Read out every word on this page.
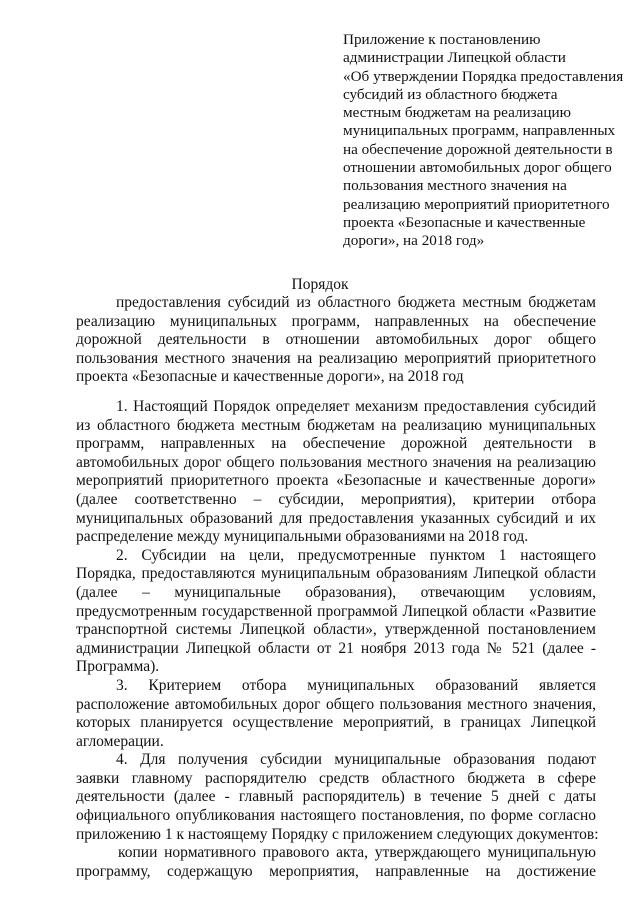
Приложение к постановлению
администрации Липецкой области
«Об утверждении Порядка предоставления
субсидий из областного бюджета
местным бюджетам на реализацию
муниципальных программ, направленных
на обеспечение дорожной деятельности в
отношении автомобильных дорог общего
пользования местного значения на
реализацию мероприятий приоритетного
проекта «Безопасные и качественные
дороги», на 2018 год»
Порядок
предоставления субсидий из областного бюджета местным бюджетам
реализацию муниципальных программ, направленных на обеспечение
дорожной деятельности в отношении автомобильных дорог общего
пользования местного значения на реализацию мероприятий приоритетного
проекта «Безопасные и качественные дороги», на 2018 год
1. Настоящий Порядок определяет механизм предоставления субсидий
из областного бюджета местным бюджетам на реализацию муниципальных
программ, направленных на обеспечение дорожной деятельности в
автомобильных дорог общего пользования местного значения на реализацию
мероприятий приоритетного проекта «Безопасные и качественные дороги»
(далее соответственно – субсидии, мероприятия), критерии отбора
муниципальных образований для предоставления указанных субсидий и их
распределение между муниципальными образованиями на 2018 год.
2. Субсидии на цели, предусмотренные пунктом 1 настоящего
Порядка, предоставляются муниципальным образованиям Липецкой области
(далее – муниципальные образования), отвечающим условиям,
предусмотренным государственной программой Липецкой области «Развитие
транспортной системы Липецкой области», утвержденной постановлением
администрации Липецкой области от 21 ноября 2013 года № 521 (далее -
Программа).
3. Критерием отбора муниципальных образований является
расположение автомобильных дорог общего пользования местного значения,
которых планируется осуществление мероприятий, в границах Липецкой
агломерации.
4. Для получения субсидии муниципальные образования подают
заявки главному распорядителю средств областного бюджета в сфере
деятельности (далее - главный распорядитель) в течение 5 дней с даты
официального опубликования настоящего постановления, по форме согласно
приложению 1 к настоящему Порядку с приложением следующих документов:
копии нормативного правового акта, утверждающего муниципальную
программу, содержащую мероприятия, направленные на достижение
